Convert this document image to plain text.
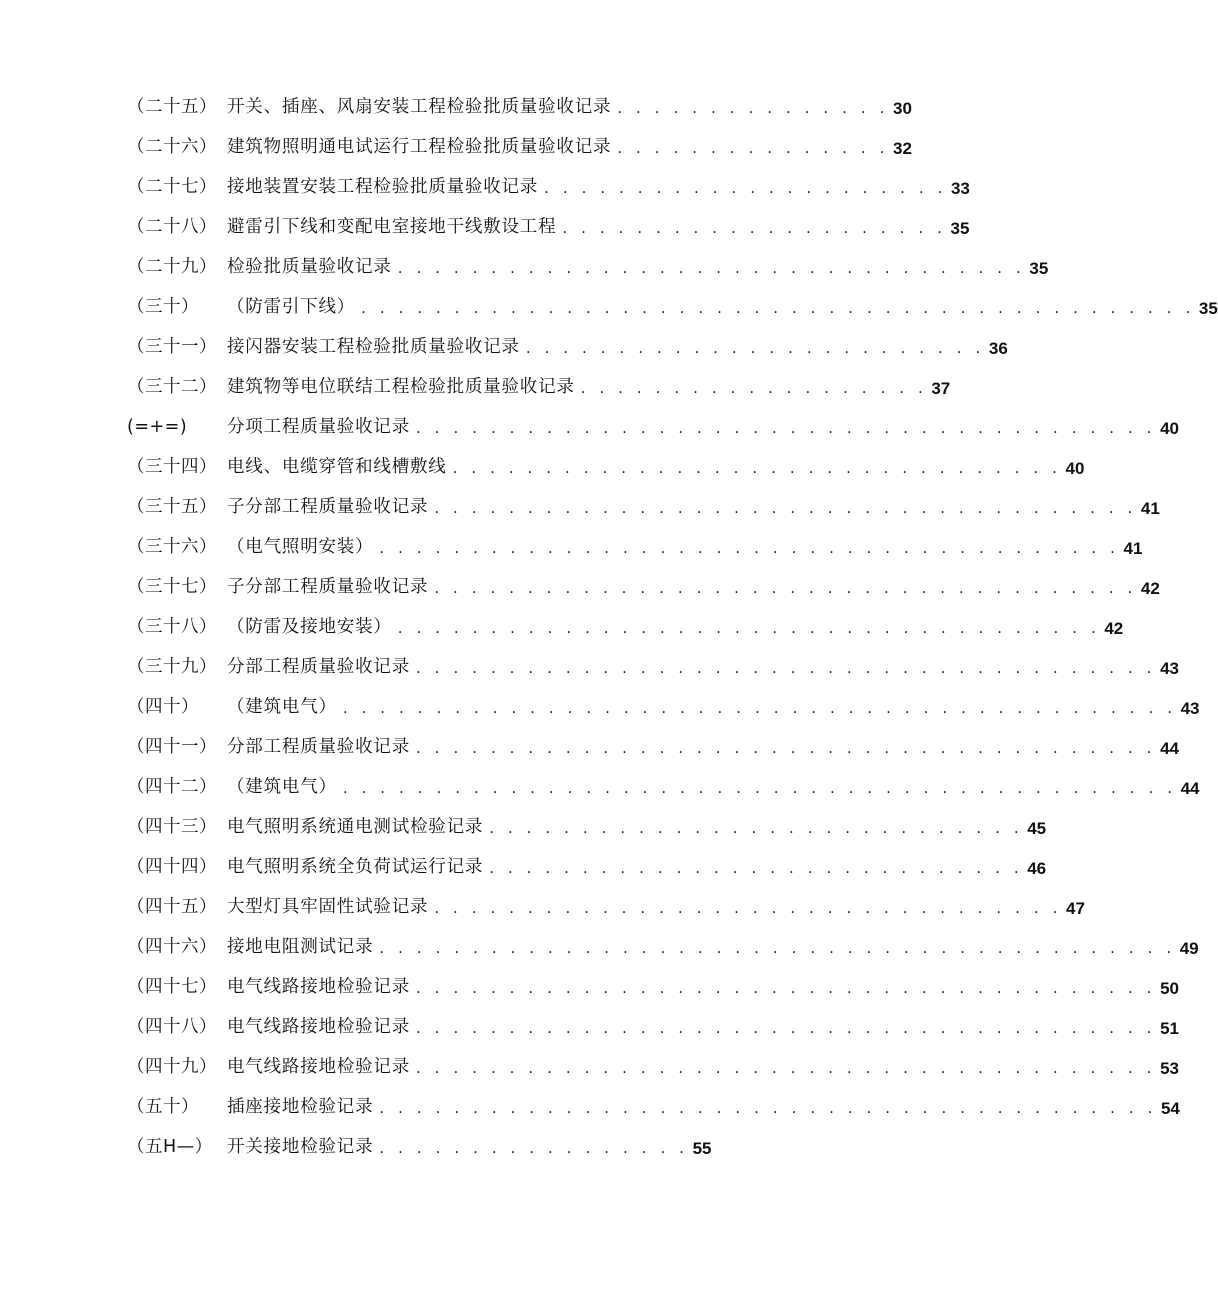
（二十五） 开关、插座、风扇安装工程检验批质量验收记录 . . . . . . . . . . . . . . . 30
（二十六） 建筑物照明通电试运行工程检验批质量验收记录 . . . . . . . . . . . . . . . 32
（二十七） 接地装置安装工程检验批质量验收记录 . . . . . . . . . . . . . . . . . . . . . . 33
（二十八） 避雷引下线和变配电室接地干线敷设工程 . . . . . . . . . . . . . . . . . . . . . 35
（二十九） 检验批质量验收记录 . . . . . . . . . . . . . . . . . . . . . . . . . . . . . . . . . . 35
（三十）	（防雷引下线） . . . . . . . . . . . . . . . . . . . . . . . . . . . . . . . . . . . . . . . . . . . . . 35
（三十一） 接闪器安装工程检验批质量验收记录 . . . . . . . . . . . . . . . . . . . . . . . . . 36
（三十二） 建筑物等电位联结工程检验批质量验收记录 . . . . . . . . . . . . . . . . . . . 37
(=+=)	分项工程质量验收记录 . . . . . . . . . . . . . . . . . . . . . . . . . . . . . . . . . . . . . . . . 40
（三十四） 电线、电缆穿管和线槽敷线 . . . . . . . . . . . . . . . . . . . . . . . . . . . . . . . . . 40
（三十五） 子分部工程质量验收记录 . . . . . . . . . . . . . . . . . . . . . . . . . . . . . . . . . . . . . . 41
（三十六） （电气照明安装） . . . . . . . . . . . . . . . . . . . . . . . . . . . . . . . . . . . . . . . . 41
（三十七） 子分部工程质量验收记录 . . . . . . . . . . . . . . . . . . . . . . . . . . . . . . . . . . . . . . 42
（三十八） （防雷及接地安装） . . . . . . . . . . . . . . . . . . . . . . . . . . . . . . . . . . . . . . 42
（三十九） 分部工程质量验收记录 . . . . . . . . . . . . . . . . . . . . . . . . . . . . . . . . . . . . . . . . 43
（四十）	（建筑电气） . . . . . . . . . . . . . . . . . . . . . . . . . . . . . . . . . . . . . . . . . . . . . 43
（四十一） 分部工程质量验收记录 . . . . . . . . . . . . . . . . . . . . . . . . . . . . . . . . . . . . . . . . 44
（四十二） （建筑电气） . . . . . . . . . . . . . . . . . . . . . . . . . . . . . . . . . . . . . . . . . . . . . 44
（四十三） 电气照明系统通电测试检验记录 . . . . . . . . . . . . . . . . . . . . . . . . . . . . . 45
（四十四） 电气照明系统全负荷试运行记录 . . . . . . . . . . . . . . . . . . . . . . . . . . . . . 46
（四十五） 大型灯具牢固性试验记录 . . . . . . . . . . . . . . . . . . . . . . . . . . . . . . . . . . 47
（四十六） 接地电阻测试记录 . . . . . . . . . . . . . . . . . . . . . . . . . . . . . . . . . . . . . . . . . . . 49
（四十七） 电气线路接地检验记录 . . . . . . . . . . . . . . . . . . . . . . . . . . . . . . . . . . . . . . . . 50
（四十八） 电气线路接地检验记录 . . . . . . . . . . . . . . . . . . . . . . . . . . . . . . . . . . . . . . . . 51
（四十九） 电气线路接地检验记录 . . . . . . . . . . . . . . . . . . . . . . . . . . . . . . . . . . . . . . . . 53
（五十）	插座接地检验记录 . . . . . . . . . . . . . . . . . . . . . . . . . . . . . . . . . . . . . . . . . . 54
（五H—） 开关接地检验记录 . . . . . . . . . . . . . . . . . 55
